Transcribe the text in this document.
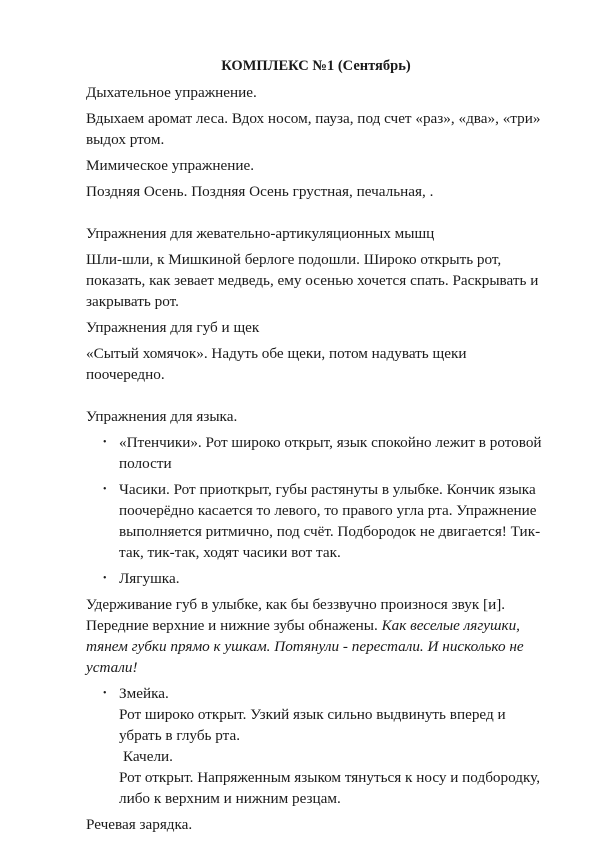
КОМПЛЕКС №1 (Сентябрь)

Дыхательное упражнение.

Вдыхаем аромат леса. Вдох носом, пауза, под счет «раз», «два», «три» выдох ртом.

Мимическое упражнение.

Поздняя Осень. Поздняя Осень грустная, печальная, .

Упражнения для жевательно-артикуляционных мышц

Шли-шли, к Мишкиной берлоге подошли. Широко открыть рот, показать, как зевает медведь, ему осенью хочется спать. Раскрывать и закрывать рот.

Упражнения для губ и щек

«Сытый хомячок». Надуть обе щеки, потом надувать щеки поочередно.

Упражнения для языка.

• «Птенчики». Рот широко открыт, язык спокойно лежит в ротовой полости
• Часики. Рот приоткрыт, губы растянуты в улыбке. Кончик языка поочерёдно касается то левого, то правого угла рта. Упражнение выполняется ритмично, под счёт. Подбородок не двигается! Тик-так, тик-так, ходят часики вот так.
• Лягушка.

Удерживание губ в улыбке, как бы беззвучно произнося звук [и]. Передние верхние и нижние зубы обнажены. Как веселые лягушки, тянем губки прямо к ушкам. Потянули - перестали. И нисколько не устали!

• Змейка.

Рот широко открыт. Узкий язык сильно выдвинуть вперед и убрать в глубь рта.

Качели.

Рот открыт. Напряженным языком тянуться к носу и подбородку, либо к верхним и нижним резцам.

Речевая зарядка.
